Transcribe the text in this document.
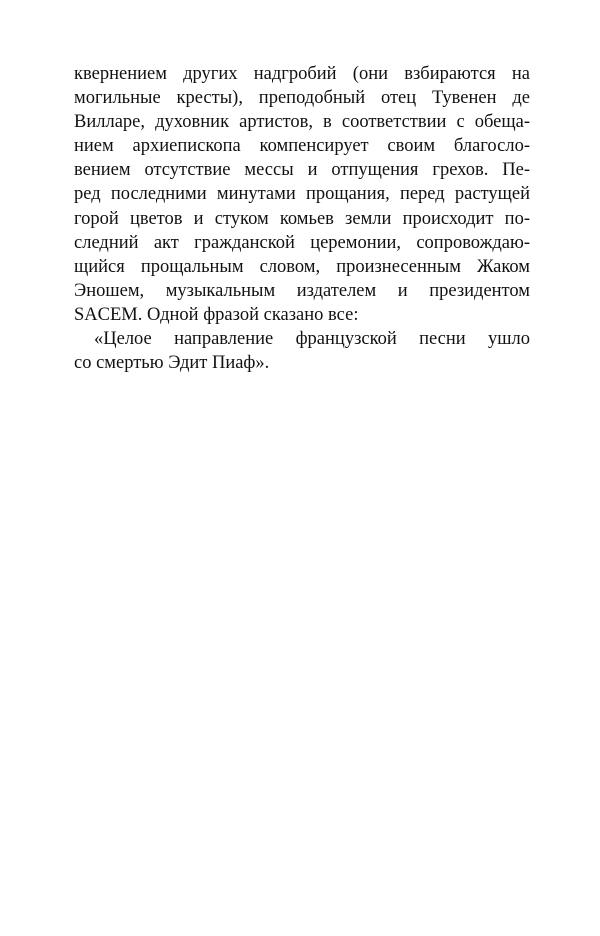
квернением других надгробий (они взбираются на
могильные кресты), преподобный отец Тувенен де
Вилларе, духовник артистов, в соответствии с обеща-
нием архиепископа компенсирует своим благосло-
вением отсутствие мессы и отпущения грехов. Пе-
ред последними минутами прощания, перед растущей
горой цветов и стуком комьев земли происходит по-
следний акт гражданской церемонии, сопровождаю-
щийся прощальным словом, произнесенным Жаком
Эношем, музыкальным издателем и президентом
SACEM. Одной фразой сказано все:
«Целое направление французской песни ушло
со смертью Эдит Пиаф».
